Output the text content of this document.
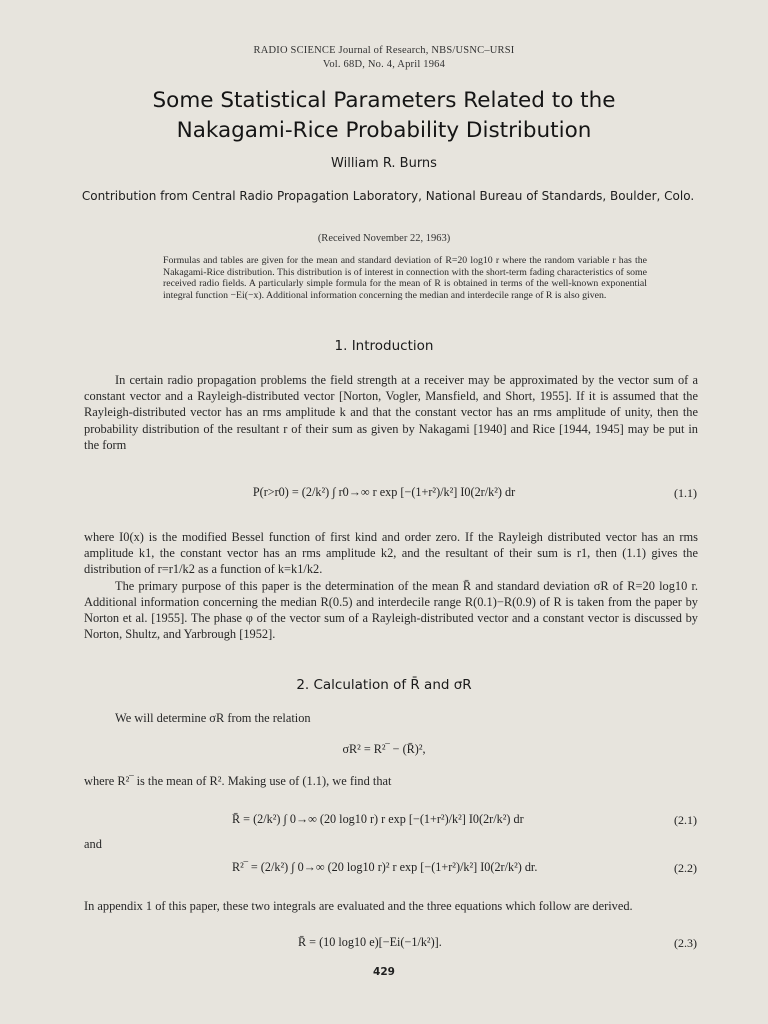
RADIO SCIENCE Journal of Research, NBS/USNC–URSI
Vol. 68D, No. 4, April 1964
Some Statistical Parameters Related to the
Nakagami-Rice Probability Distribution
William R. Burns
Contribution from Central Radio Propagation Laboratory, National Bureau of Standards, Boulder, Colo.
(Received November 22, 1963)
Formulas and tables are given for the mean and standard deviation of R=20 log10 r where the random variable r has the Nakagami-Rice distribution. This distribution is of interest in connection with the short-term fading characteristics of some received radio fields. A particularly simple formula for the mean of R is obtained in terms of the well-known exponential integral function −Ei(−x). Additional information concerning the median and interdecile range of R is also given.
1. Introduction

In certain radio propagation problems the field strength at a receiver may be approximated by the vector sum of a constant vector and a Rayleigh-distributed vector [Norton, Vogler, Mansfield, and Short, 1955]. If it is assumed that the Rayleigh-distributed vector has an rms amplitude k and that the constant vector has an rms amplitude of unity, then the probability distribution of the resultant r of their sum as given by Nakagami [1940] and Rice [1944, 1945] may be put in the form

P(r>r0) = (2/k²) ∫ r0→∞ r exp [−(1+r²)/k²] I0(2r/k²) dr	(1.1)

where I0(x) is the modified Bessel function of first kind and order zero. If the Rayleigh distributed vector has an rms amplitude k1, the constant vector has an rms amplitude k2, and the resultant of their sum is r1, then (1.1) gives the distribution of r=r1/k2 as a function of k=k1/k2.

The primary purpose of this paper is the determination of the mean R̄ and standard deviation σR of R=20 log10 r. Additional information concerning the median R(0.5) and interdecile range R(0.1)−R(0.9) of R is taken from the paper by Norton et al. [1955]. The phase φ of the vector sum of a Rayleigh-distributed vector and a constant vector is discussed by Norton, Shultz, and Yarbrough [1952].

2. Calculation of R̄ and σR

We will determine σR from the relation

σR² = R²‾ − (R̄)²,

where R²‾ is the mean of R². Making use of (1.1), we find that

R̄ = (2/k²) ∫ 0→∞ (20 log10 r) r exp [−(1+r²)/k²] I0(2r/k²) dr	(2.1)

and

R²‾ = (2/k²) ∫ 0→∞ (20 log10 r)² r exp [−(1+r²)/k²] I0(2r/k²) dr.	(2.2)

In appendix 1 of this paper, these two integrals are evaluated and the three equations which follow are derived.

R̄ = (10 log10 e)[−Ei(−1/k²)].	(2.3)
429
